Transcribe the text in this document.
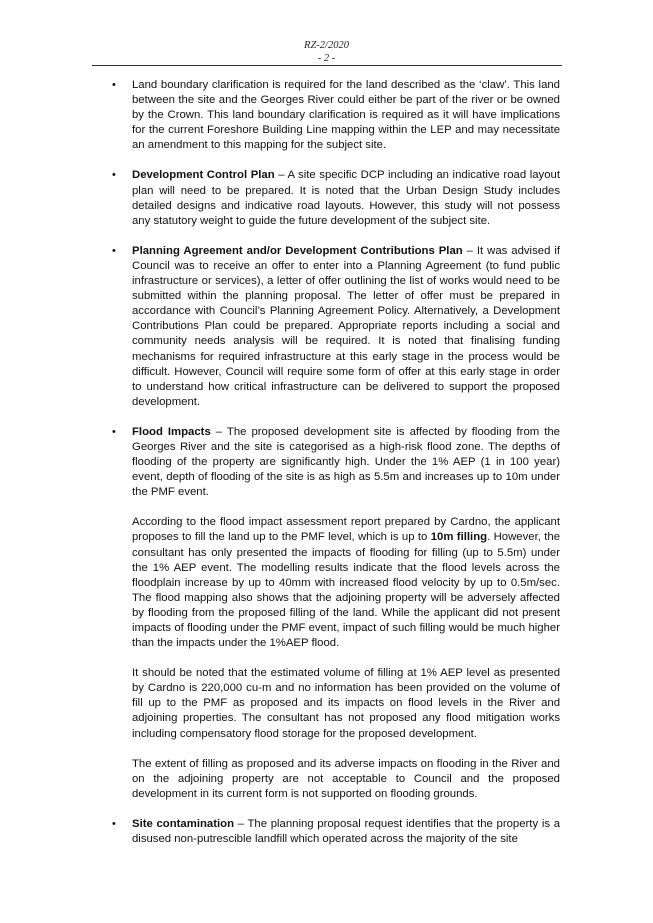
RZ-2/2020
- 2 -
• Land boundary clarification is required for the land described as the ‘claw’. This land between the site and the Georges River could either be part of the river or be owned by the Crown. This land boundary clarification is required as it will have implications for the current Foreshore Building Line mapping within the LEP and may necessitate an amendment to this mapping for the subject site.

• Development Control Plan – A site specific DCP including an indicative road layout plan will need to be prepared. It is noted that the Urban Design Study includes detailed designs and indicative road layouts. However, this study will not possess any statutory weight to guide the future development of the subject site.

• Planning Agreement and/or Development Contributions Plan – It was advised if Council was to receive an offer to enter into a Planning Agreement (to fund public infrastructure or services), a letter of offer outlining the list of works would need to be submitted within the planning proposal. The letter of offer must be prepared in accordance with Council’s Planning Agreement Policy. Alternatively, a Development Contributions Plan could be prepared. Appropriate reports including a social and community needs analysis will be required. It is noted that finalising funding mechanisms for required infrastructure at this early stage in the process would be difficult. However, Council will require some form of offer at this early stage in order to understand how critical infrastructure can be delivered to support the proposed development.

• Flood Impacts – The proposed development site is affected by flooding from the Georges River and the site is categorised as a high-risk flood zone. The depths of flooding of the property are significantly high. Under the 1% AEP (1 in 100 year) event, depth of flooding of the site is as high as 5.5m and increases up to 10m under the PMF event.

According to the flood impact assessment report prepared by Cardno, the applicant proposes to fill the land up to the PMF level, which is up to 10m filling. However, the consultant has only presented the impacts of flooding for filling (up to 5.5m) under the 1% AEP event. The modelling results indicate that the flood levels across the floodplain increase by up to 40mm with increased flood velocity by up to 0.5m/sec. The flood mapping also shows that the adjoining property will be adversely affected by flooding from the proposed filling of the land. While the applicant did not present impacts of flooding under the PMF event, impact of such filling would be much higher than the impacts under the 1%AEP flood.

It should be noted that the estimated volume of filling at 1% AEP level as presented by Cardno is 220,000 cu-m and no information has been provided on the volume of fill up to the PMF as proposed and its impacts on flood levels in the River and adjoining properties. The consultant has not proposed any flood mitigation works including compensatory flood storage for the proposed development.

The extent of filling as proposed and its adverse impacts on flooding in the River and on the adjoining property are not acceptable to Council and the proposed development in its current form is not supported on flooding grounds.

• Site contamination – The planning proposal request identifies that the property is a disused non-putrescible landfill which operated across the majority of the site
